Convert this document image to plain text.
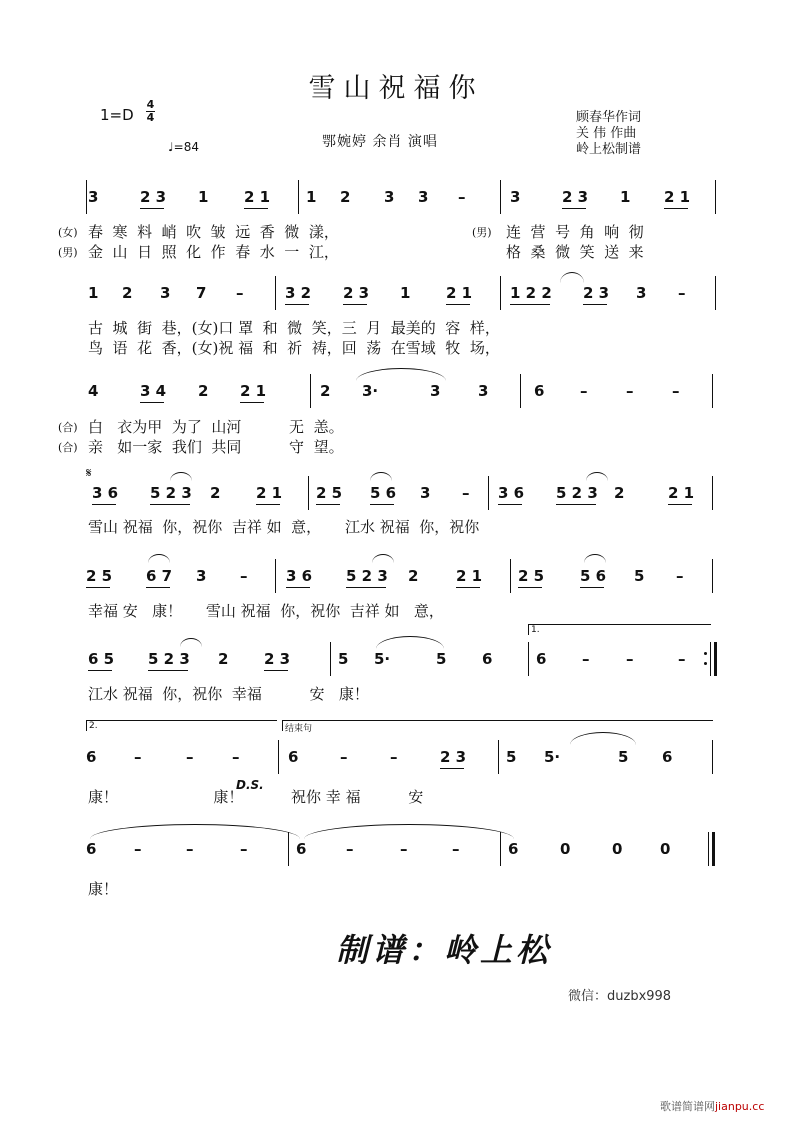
雪山祝福你
1=D
4
4
♩=84	鄂婉婷 余肖 演唱
顾春华作词
关 伟 作曲
岭上松制谱
3	2 3 1 2 1 1 2 3 3 –	3	2 3 1 2 1
(女) 春  寒  料  峭  吹  皱  远  香  微  漾，
(男) 金  山  日  照  化  作  春  水  一  江，
(男) 连  营  号  角  响  彻
格  桑  微  笑  送  来
1 2 3 7 –	3 2 2 3 1 2 1	1 2 2 2 3 3 –
古  城  街  巷，(女)口 罩  和  微  笑，三  月  最美的  容  样，
鸟  语  花  香，(女)祝 福  和  祈  祷，回  荡  在雪域  牧  场，
4	3 4 2 2 1	2 3·	3	3	6 –	–	–
(合) 白   衣为甲  为了  山河          无  恙。
(合) 亲   如一家  我们  共同          守  望。
3 6 5 2 3 2 2 1 2 5 5 6 3 – 3 6 5 2 3 2	2 1
雪山 祝福  你，祝你  吉祥 如  意，     江水 祝福  你，祝你
2 5 6 7 3 –	3 6 5 2 3 2	2 1 2 5 5 6 5 –
幸福 安   康！     雪山 祝福  你，祝你  吉祥 如   意，
6 5 5 2 3 2 2 3	5 5·	5 6	6 – –	–
江水 祝福  你，祝你  幸福          安   康！
6	–	–	–	6	–	–	2 3	5 5·	5 6
康！                    康！          祝你 幸 福          安
6	–	–	–	6	–	–	–	6	0	0	0
康！
1.
2.	结束句
𝄋
D.S.
制谱：岭上松
微信：duzbx998
歌谱简谱网jianpu.cc
